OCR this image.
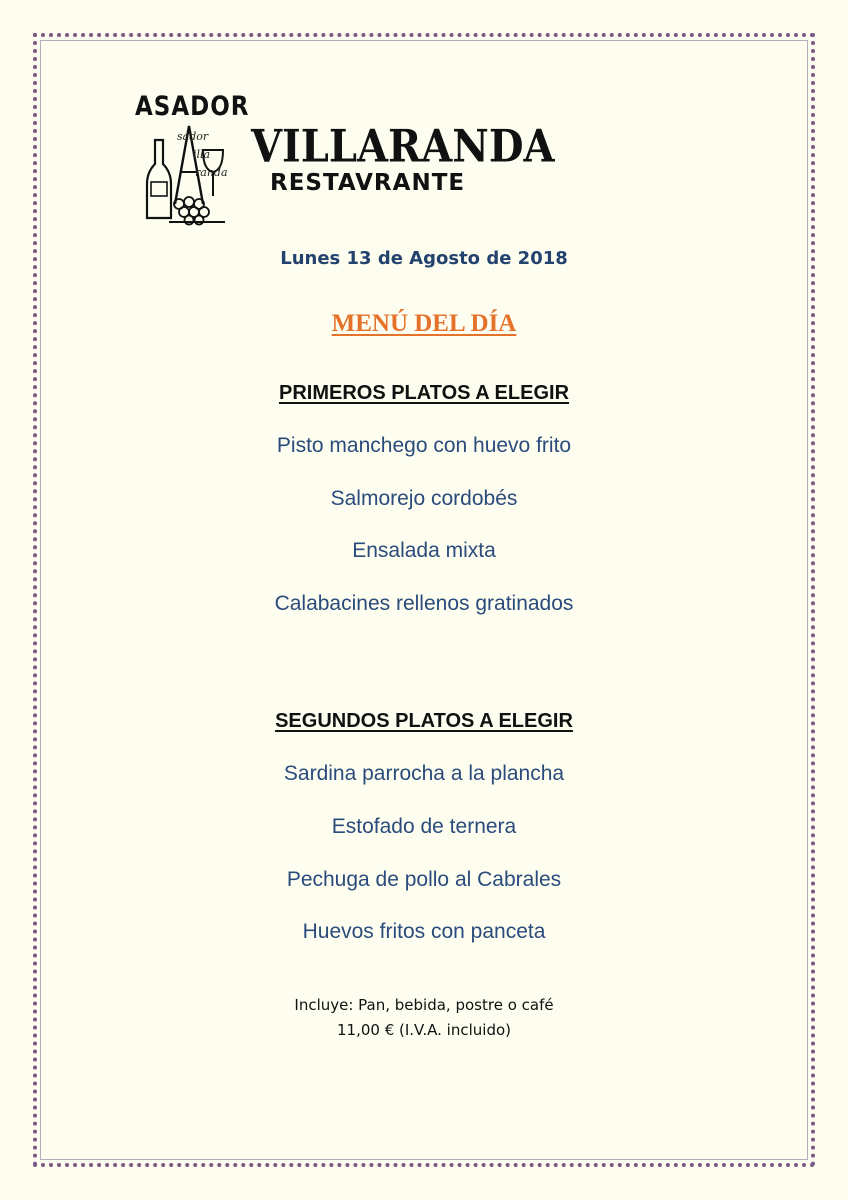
ASADOR
sador
illa
randa VILLARANDA
RESTAVRANTE
Lunes 13 de Agosto de 2018
MENÚ DEL DÍA
PRIMEROS PLATOS A ELEGIR
Pisto manchego con huevo frito
Salmorejo cordobés
Ensalada mixta
Calabacines rellenos gratinados
SEGUNDOS PLATOS A ELEGIR
Sardina parrocha a la plancha
Estofado de ternera
Pechuga de pollo al Cabrales
Huevos fritos con panceta
Incluye: Pan, bebida, postre o café
11,00 € (I.V.A. incluido)
